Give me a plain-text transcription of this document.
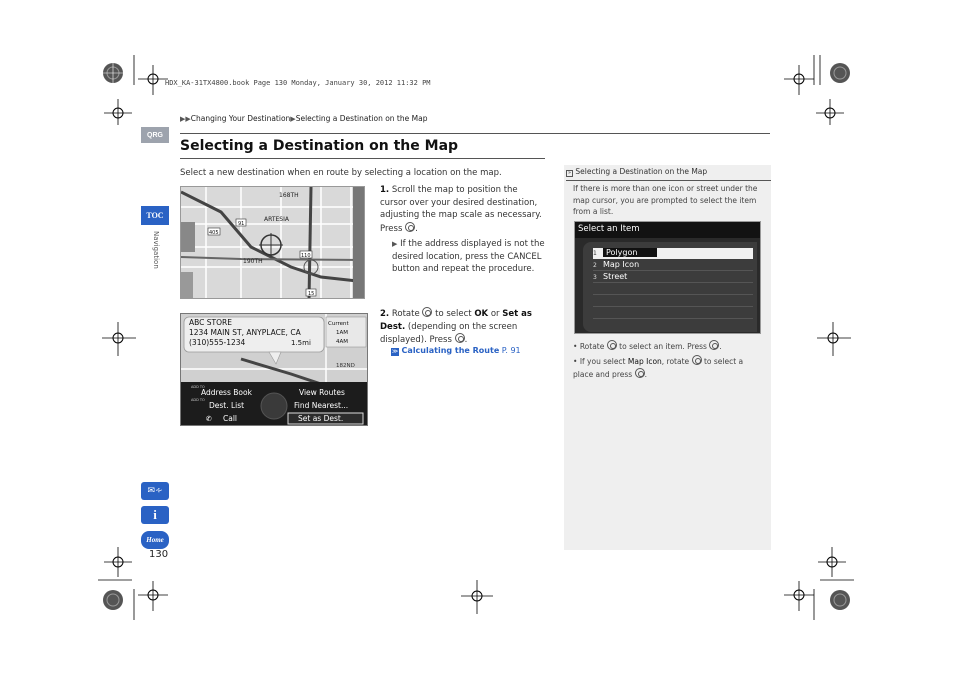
HDX_KA-31TX4800.book Page 130 Monday, January 30, 2012 11:32 PM
▶▶Changing Your Destination▶Selecting a Destination on the Map
QRG
TOC
Navigation
✉∻
i
Home
130
Selecting a Destination on the Map
Select a new destination when en route by selecting a location on the map.
168TH
ARTESIA
190TH
91
405
110
15
1. Scroll the map to position the cursor over your desired destination, adjusting the map scale as necessary. Press .
▶ If the address displayed is not the desired location, press the CANCEL button and repeat the procedure.
ABC STORE
1234 MAIN ST, ANYPLACE, CA
(310)555-1234	1.5mi
Current
1AM
4AM
182ND
ADD TO
Address Book	View Routes
ADD TO
Dest. List	Find Nearest...
✆ Call	Set as Dest.
2. Rotate to select OK or Set as Dest. (depending on the screen displayed). Press .
≫ Calculating the Route P. 91
» Selecting a Destination on the Map
If there is more than one icon or street under the map cursor, you are prompted to select the item from a list.
Select an Item
1 Polygon
2 Map Icon
3 Street
• Rotate to select an item. Press .
• If you select Map Icon, rotate to select a place and press .
